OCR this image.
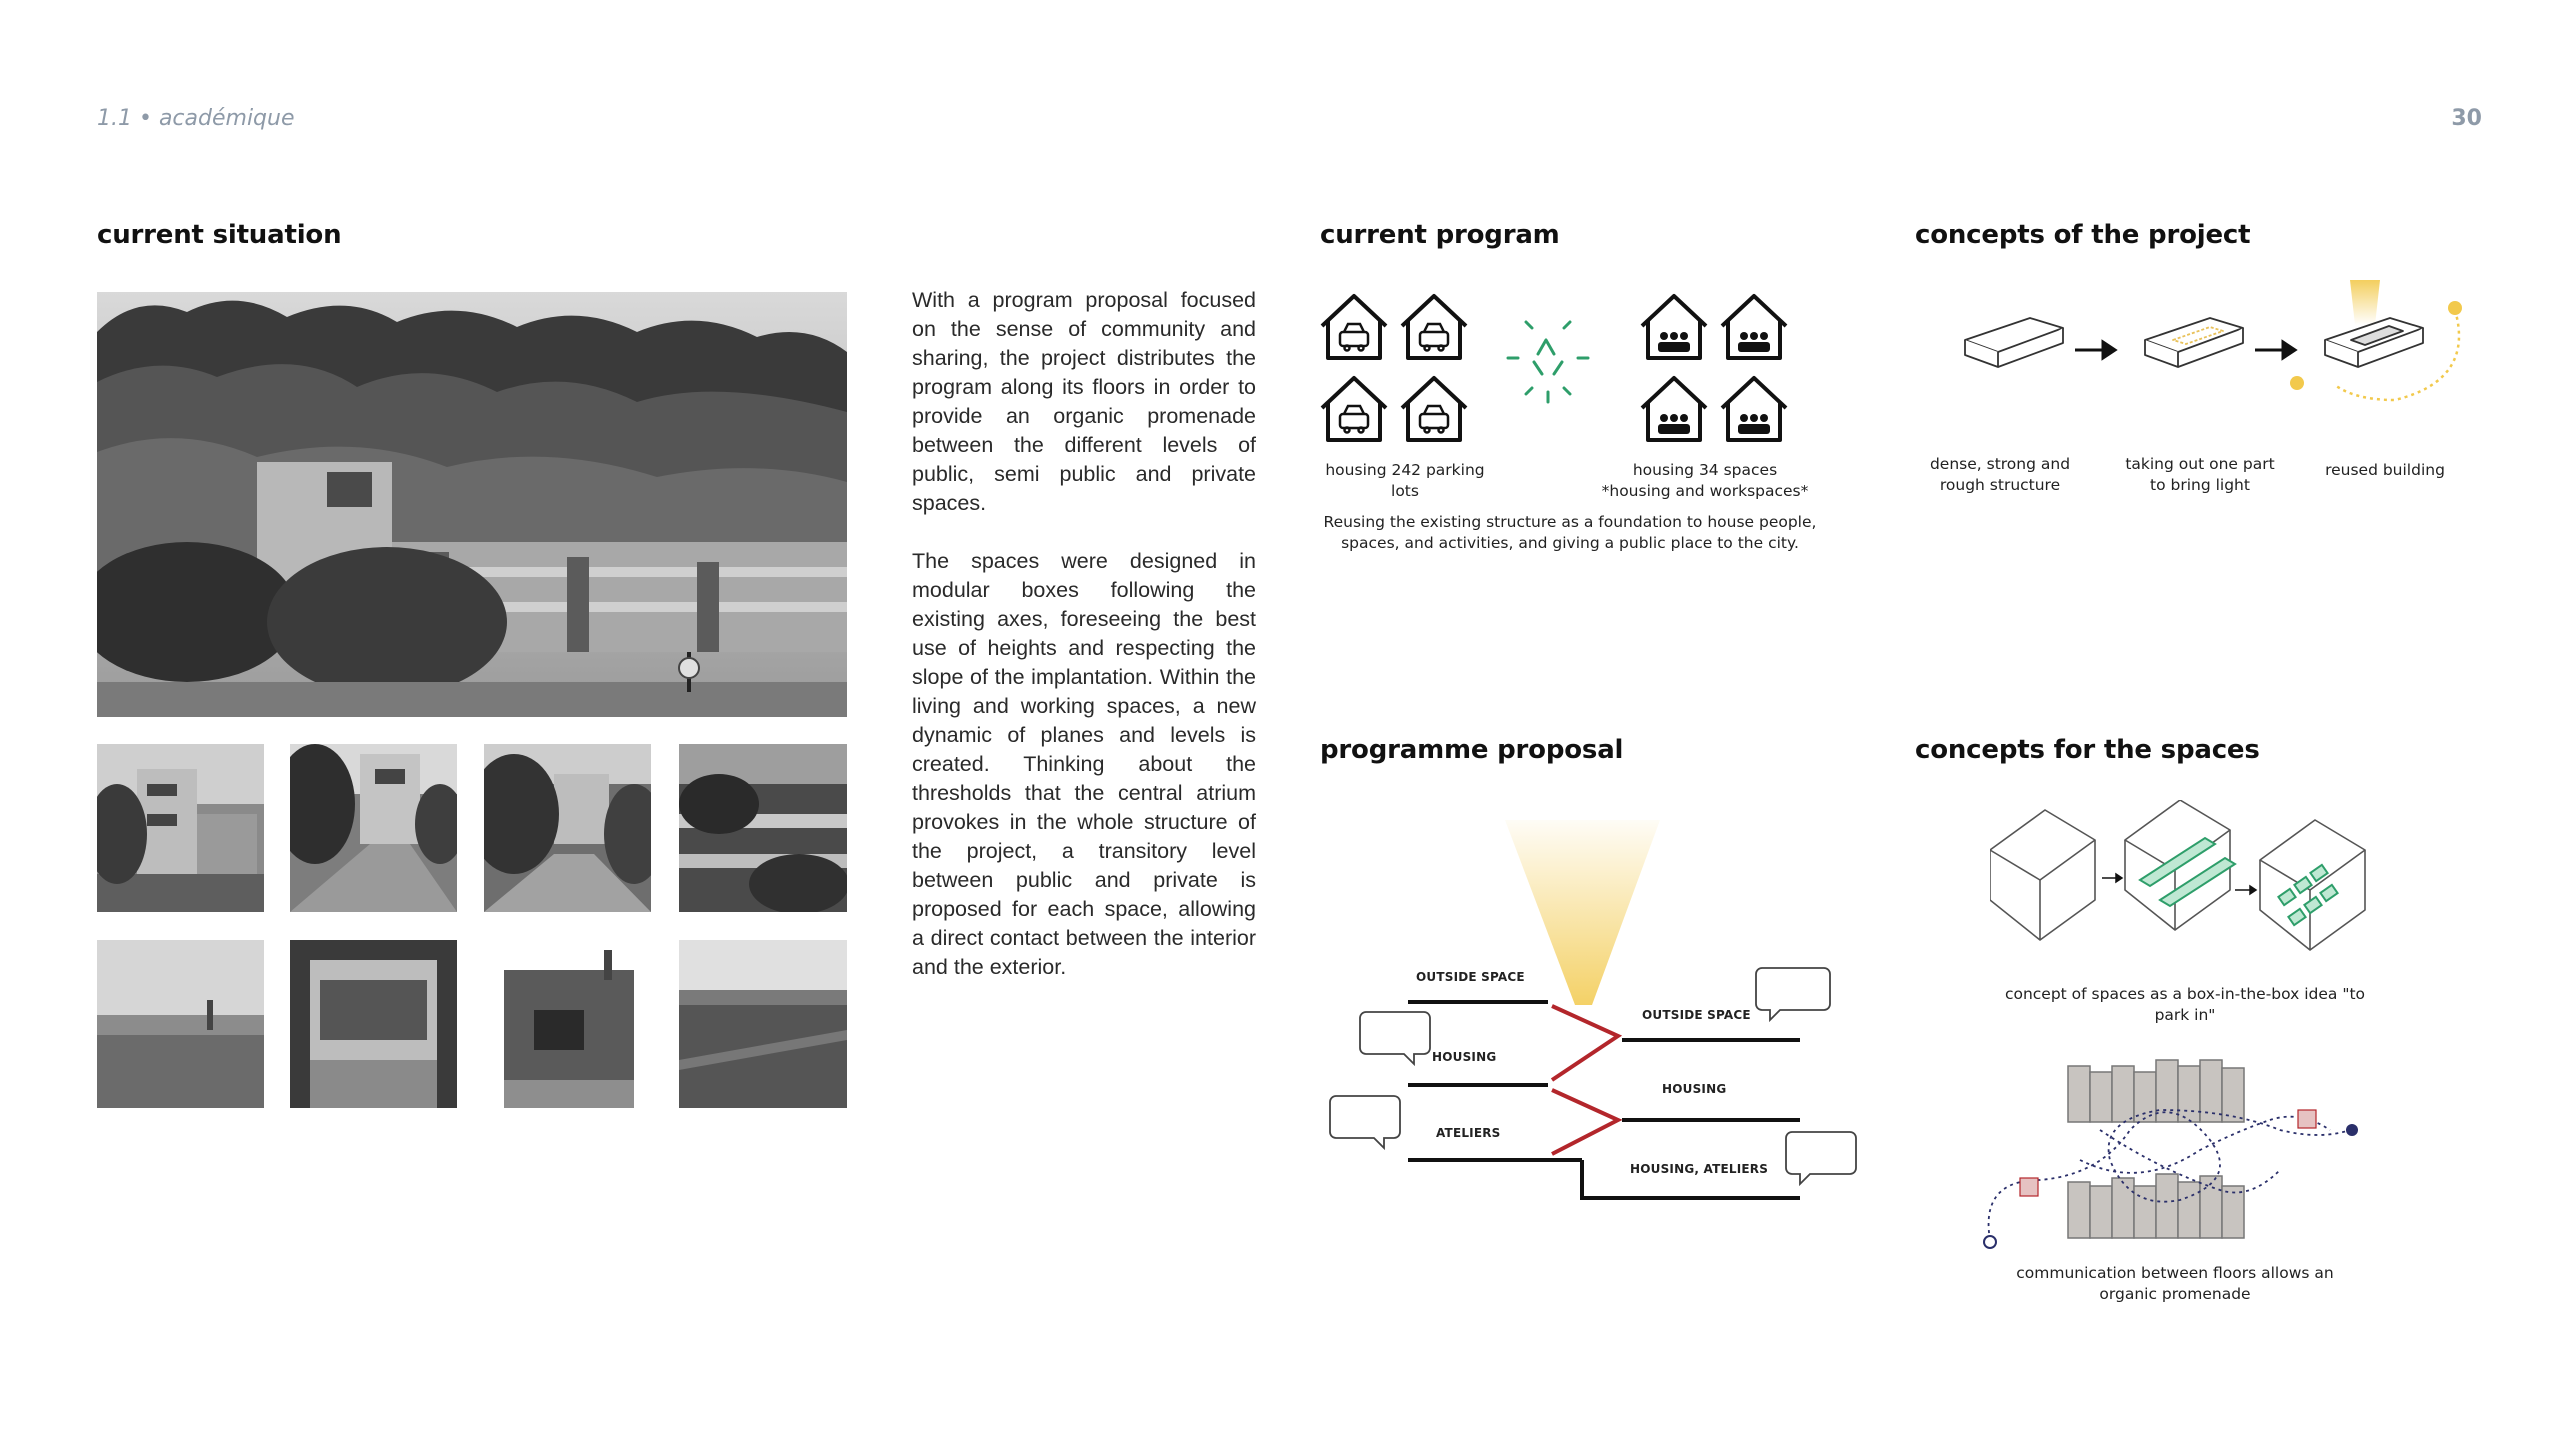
1.1 • académique	30
current situation

With a program proposal focused on the sense of community and sharing, the project distributes the program along its floors in order to provide an organic promenade between the different levels of public, semi public and private spaces.

The spaces were designed in modular boxes following the existing axes, foreseeing the best use of heights and respecting the slope of the implantation. Within the living and working spaces, a new dynamic of planes and levels is created. Thinking about the thresholds that the central atrium provokes in the whole structure of the project, a transitory level between public and private is proposed for each space, allowing a direct contact between the interior and the exterior.

current program
housing 242 parking lots
housing 34 spaces
*housing and workspaces*
Reusing the existing structure as a foundation to house people, spaces, and activities, and giving a public place to the city.
concepts of the project
dense, strong and rough structure
taking out one part to bring light
reused building
programme proposal
OUTSIDE SPACE
HOUSING
ATELIERS
OUTSIDE SPACE
HOUSING
HOUSING, ATELIERS
concepts for the spaces
concept of spaces as a box-in-the-box idea "to park in"
communication between floors allows an organic promenade
